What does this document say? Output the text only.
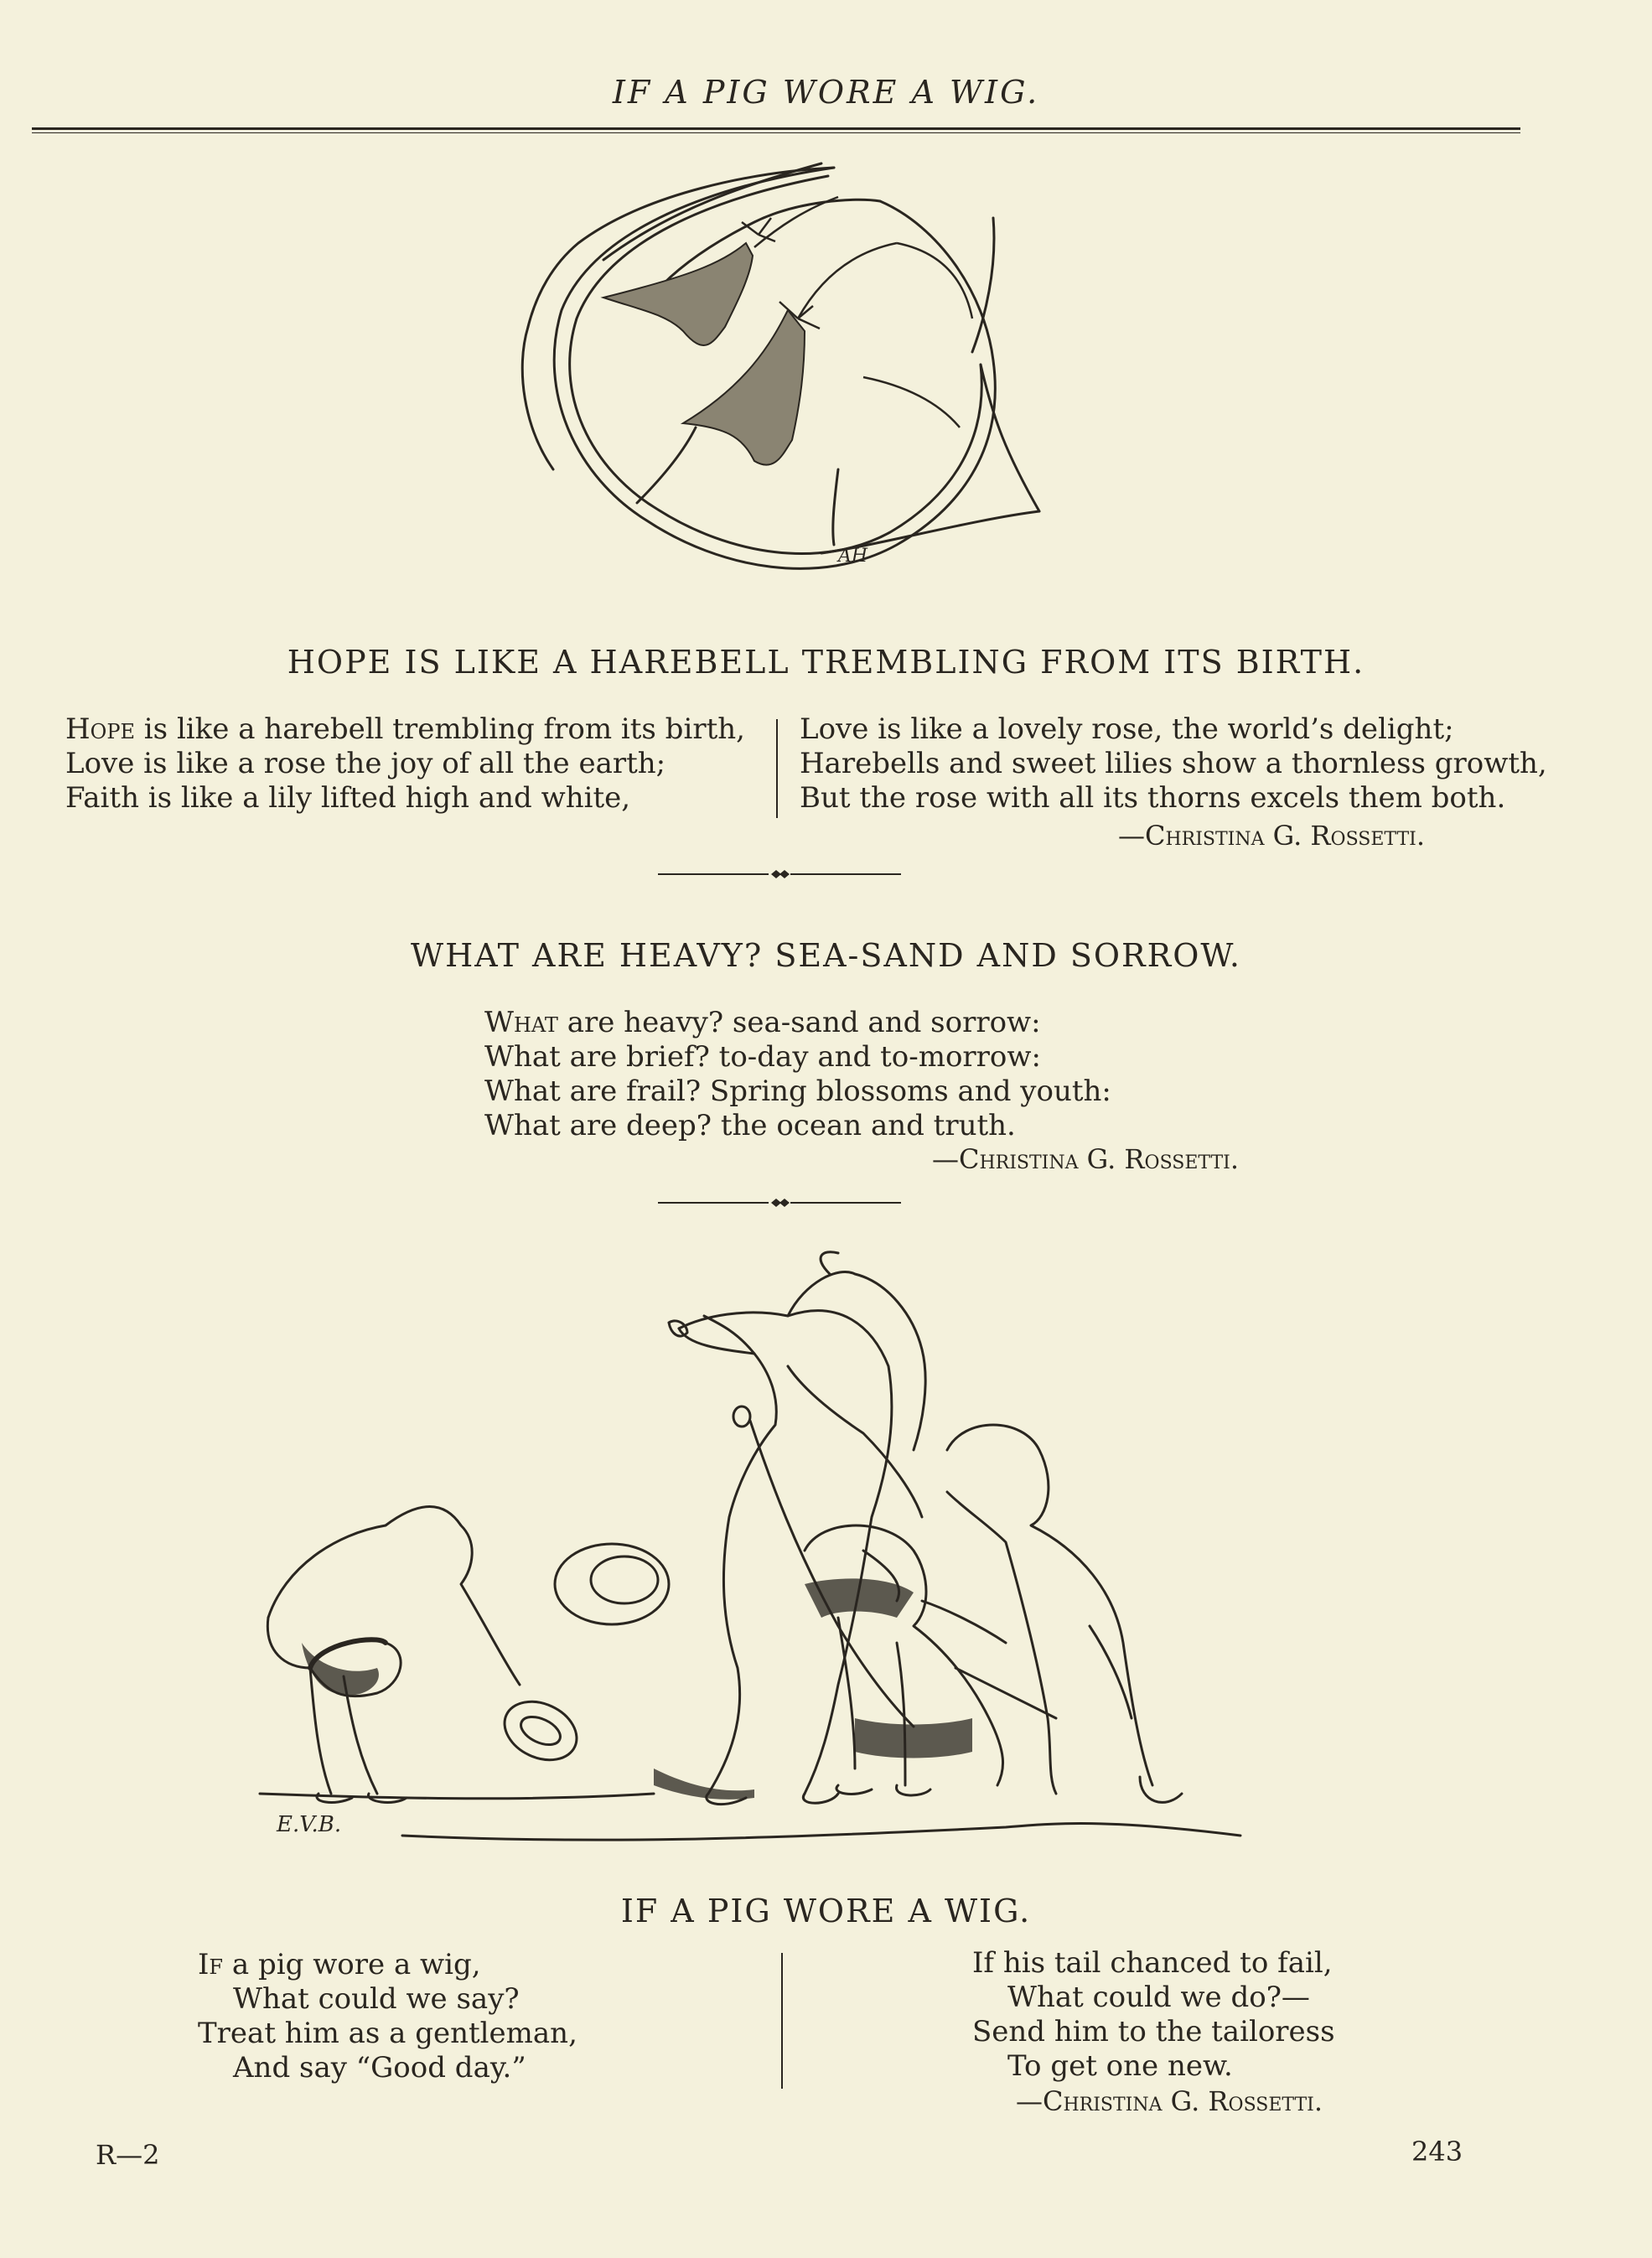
IF A PIG WORE A WIG.
AH
HOPE IS LIKE A HAREBELL TREMBLING FROM ITS BIRTH.
Hope is like a harebell trembling from its birth,
Love is like a rose the joy of all the earth;
Faith is like a lily lifted high and white,
Love is like a lovely rose, the world’s delight;
Harebells and sweet lilies show a thornless growth,
But the rose with all its thorns excels them both.
—Christina G. Rossetti.
WHAT ARE HEAVY? SEA-SAND AND SORROW.
What are heavy? sea-sand and sorrow:
What are brief? to-day and to-morrow:
What are frail? Spring blossoms and youth:
What are deep? the ocean and truth.
—Christina G. Rossetti.
E.V.B.
IF A PIG WORE A WIG.
If a pig wore a wig,
What could we say?
Treat him as a gentleman,
And say “Good day.”
If his tail chanced to fail,
What could we do?—
Send him to the tailoress
To get one new.
—Christina G. Rossetti.
R—2	243
